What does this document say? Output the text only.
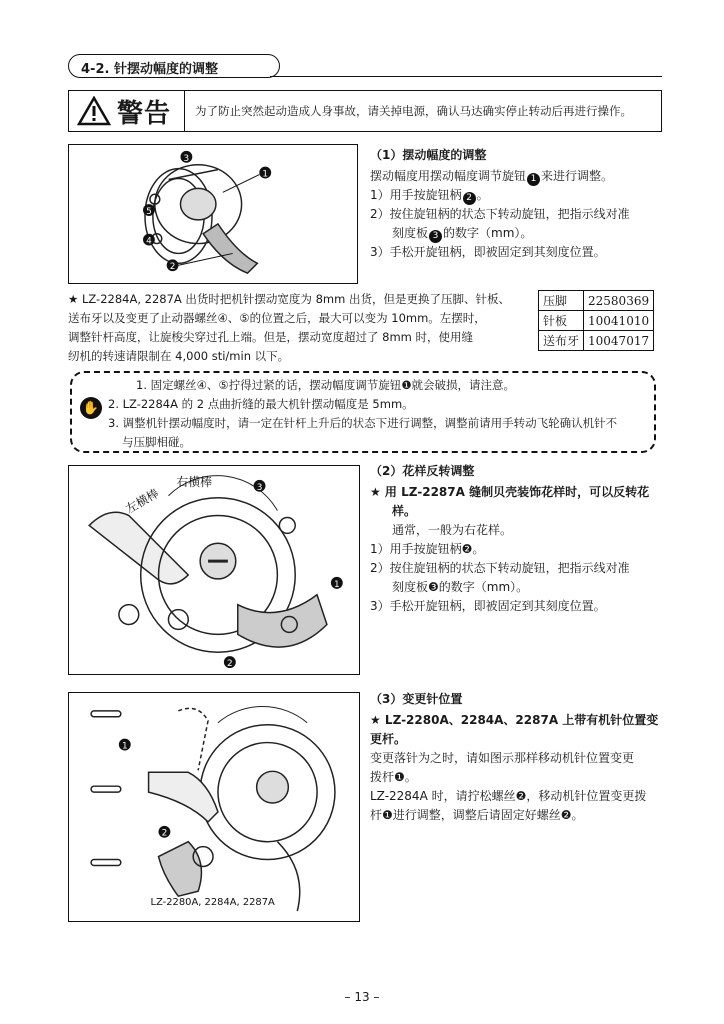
4-2. 针摆动幅度的调整
警告	为了防止突然起动造成人身事故，请关掉电源，确认马达确实停止转动后再进行操作。
1
3
5
4
2
（1）摆动幅度的调整
摆动幅度用摆动幅度调节旋钮 1 来进行调整。
1）用手按旋钮柄 2 。
2）按住旋钮柄的状态下转动旋钮，把指示线对准
刻度板 3 的数字（mm）。
3）手松开旋钮柄，即被固定到其刻度位置。
★ LZ-2284A, 2287A 出货时把机针摆动宽度为 8mm 出货，但是更换了压脚、针板、
送布牙以及变更了止动器螺丝④、⑤的位置之后，最大可以变为 10mm。左摆时，
调整针杆高度，让旋梭尖穿过孔上端。但是，摆动宽度超过了 8mm 时，使用缝
纫机的转速请限制在 4,000 sti/min 以下。
压脚	22580369
针板	10041010
送布牙	10047017
✋
1. 固定螺丝④、⑤拧得过紧的话，摆动幅度调节旋钮❶就会破损，请注意。
2. LZ-2284A 的 2 点曲折缝的最大机针摆动幅度是 5mm。
3. 调整机针摆动幅度时，请一定在针杆上升后的状态下进行调整，调整前请用手转动飞轮确认机针不
与压脚相碰。
左横棒
右横棒	3
1
2
（2）花样反转调整
★ 用 LZ-2287A 缝制贝壳装饰花样时，可以反转花
样。
通常，一般为右花样。
1）用手按旋钮柄❷。
2）按住旋钮柄的状态下转动旋钮，把指示线对准
刻度板❸的数字（mm）。
3）手松开旋钮柄，即被固定到其刻度位置。
1
2
LZ-2280A, 2284A, 2287A
（3）变更针位置
★ LZ-2280A、2284A、2287A 上带有机针位置变更杆。
变更落针为之时，请如图示那样移动机针位置变更
拨杆❶。
LZ-2284A 时，请拧松螺丝❷，移动机针位置变更拨
杆❶进行调整，调整后请固定好螺丝❷。
– 13 –
